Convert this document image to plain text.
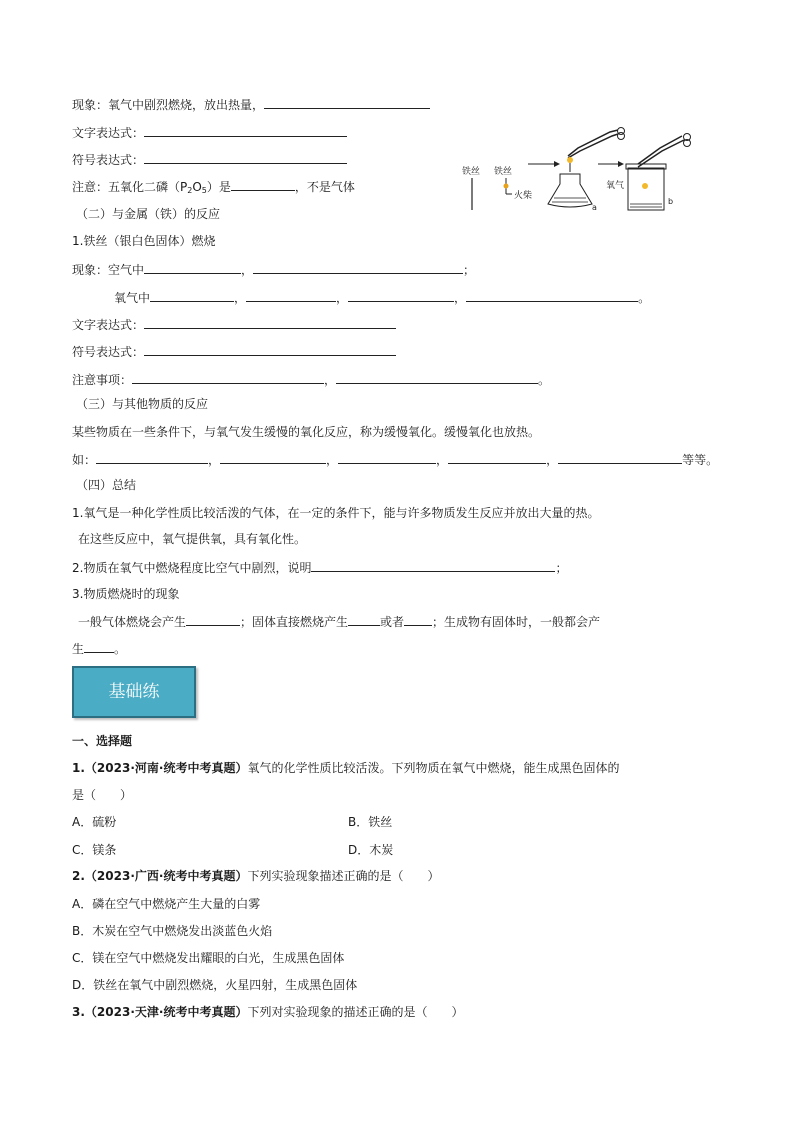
现象：氧气中剧烈燃烧，放出热量，
文字表达式：
符号表达式：
注意：五氧化二磷$(P_2O_5)$是	，不是气体
（二）与金属（铁）的反应
1.铁丝（银白色固体）燃烧
现象：空气中	，	；
氧气中	，	，	，	。
文字表达式：
符号表达式：
注意事项：	，	。
铁丝 铁丝
火柴
a
氧气
b
（三）与其他物质的反应
某些物质在一些条件下，与氧气发生缓慢的氧化反应，称为缓慢氧化。缓慢氧化也放热。
如：	，	，	，	，	等等。
（四）总结
1.氧气是一种化学性质比较活泼的气体，在一定的条件下，能与许多物质发生反应并放出大量的热。
在这些反应中，氧气提供氧，具有氧化性。
2.物质在氧气中燃烧程度比空气中剧烈，说明	；
3.物质燃烧时的现象
一般气体燃烧会产生	；固体直接燃烧产生	或者 ；生成物有固体时，一般都会产
生	。
基础练
一、选择题
1.（2023·河南·统考中考真题）氧气的化学性质比较活泼。下列物质在氧气中燃烧，能生成黑色固体的
是（　　）
A．硫粉	B．铁丝
C．镁条	D．木炭
2.（2023·广西·统考中考真题）下列实验现象描述正确的是（　　）
A．磷在空气中燃烧产生大量的白雾
B．木炭在空气中燃烧发出淡蓝色火焰
C．镁在空气中燃烧发出耀眼的白光，生成黑色固体
D．铁丝在氧气中剧烈燃烧，火星四射，生成黑色固体
3.（2023·天津·统考中考真题）下列对实验现象的描述正确的是（　　）
